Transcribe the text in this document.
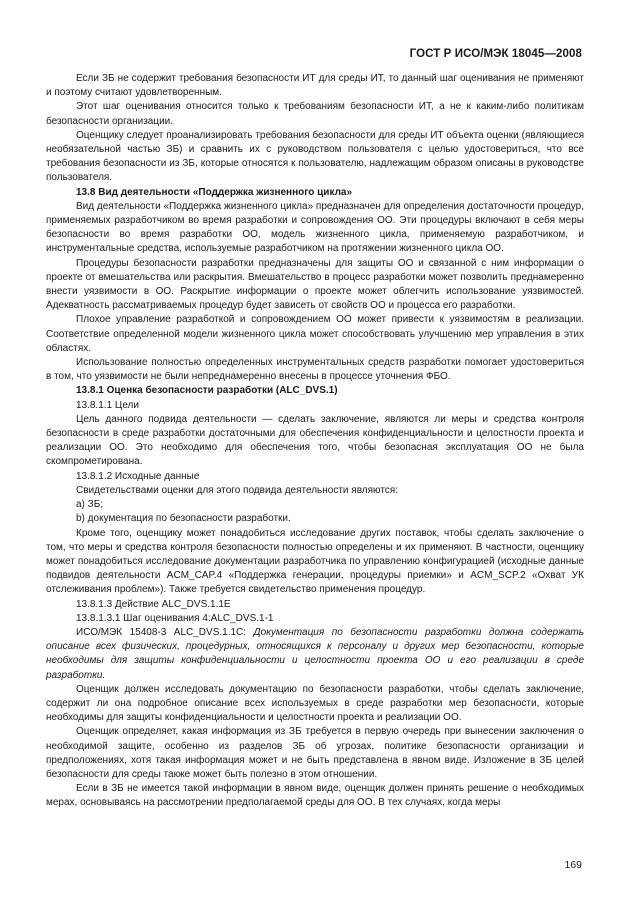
ГОСТ Р ИСО/МЭК 18045—2008

Если ЗБ не содержит требования безопасности ИТ для среды ИТ, то данный шаг оценивания не применяют и поэтому считают удовлетворенным.

Этот шаг оценивания относится только к требованиям безопасности ИТ, а не к каким-либо политикам безопасности организации.

Оценщику следует проанализировать требования безопасности для среды ИТ объекта оценки (являющиеся необязательной частью ЗБ) и сравнить их с руководством пользователя с целью удостовериться, что все требования безопасности из ЗБ, которые относятся к пользователю, надлежащим образом описаны в руководстве пользователя.

13.8 Вид деятельности «Поддержка жизненного цикла»

Вид деятельности «Поддержка жизненного цикла» предназначен для определения достаточности процедур, применяемых разработчиком во время разработки и сопровождения ОО. Эти процедуры включают в себя меры безопасности во время разработки ОО, модель жизненного цикла, применяемую разработчиком, и инструментальные средства, используемые разработчиком на протяжении жизненного цикла ОО.

Процедуры безопасности разработки предназначены для защиты ОО и связанной с ним информации о проекте от вмешательства или раскрытия. Вмешательство в процесс разработки может позволить преднамеренно внести уязвимости в ОО. Раскрытие информации о проекте может облегчить использование уязвимостей. Адекватность рассматриваемых процедур будет зависеть от свойств ОО и процесса его разработки.

Плохое управление разработкой и сопровождением ОО может привести к уязвимостям в реализации. Соответствие определенной модели жизненного цикла может способствовать улучшению мер управления в этих областях.

Использование полностью определенных инструментальных средств разработки помогает удостовериться в том, что уязвимости не были непреднамеренно внесены в процессе уточнения ФБО.

13.8.1 Оценка безопасности разработки (ALC_DVS.1)

13.8.1.1 Цели

Цель данного подвида деятельности — сделать заключение, являются ли меры и средства контроля безопасности в среде разработки достаточными для обеспечения конфиденциальности и целостности проекта и реализации ОО. Это необходимо для обеспечения того, чтобы безопасная эксплуатация ОО не была скомпрометирована.

13.8.1.2 Исходные данные

Свидетельствами оценки для этого подвида деятельности являются:

a) ЗБ;

b) документация по безопасности разработки.

Кроме того, оценщику может понадобиться исследование других поставок, чтобы сделать заключение о том, что меры и средства контроля безопасности полностью определены и их применяют. В частности, оценщику может понадобиться исследование документации разработчика по управлению конфигурацией (исходные данные подвидов деятельности ACM_CAP.4 «Поддержка генерации, процедуры приемки» и ACM_SCP.2 «Охват УК отслеживания проблем»). Также требуется свидетельство применения процедур.

13.8.1.3 Действие ALC_DVS.1.1E

13.8.1.3.1 Шаг оценивания 4:ALC_DVS.1-1

ИСО/МЭК 15408-3 ALC_DVS.1.1C: Документация по безопасности разработки должна содержать описание всех физических, процедурных, относящихся к персоналу и других мер безопасности, которые необходимы для защиты конфиденциальности и целостности проекта ОО и его реализации в среде разработки.

Оценщик должен исследовать документацию по безопасности разработки, чтобы сделать заключение, содержит ли она подробное описание всех используемых в среде разработки мер безопасности, которые необходимы для защиты конфиденциальности и целостности проекта и реализации ОО.

Оценщик определяет, какая информация из ЗБ требуется в первую очередь при вынесении заключения о необходимой защите, особенно из разделов ЗБ об угрозах, политике безопасности организации и предположениях, хотя такая информация может и не быть представлена в явном виде. Изложение в ЗБ целей безопасности для среды также может быть полезно в этом отношении.

Если в ЗБ не имеется такой информации в явном виде, оценщик должен принять решение о необходимых мерах, основываясь на рассмотрении предполагаемой среды для ОО. В тех случаях, когда меры

169
